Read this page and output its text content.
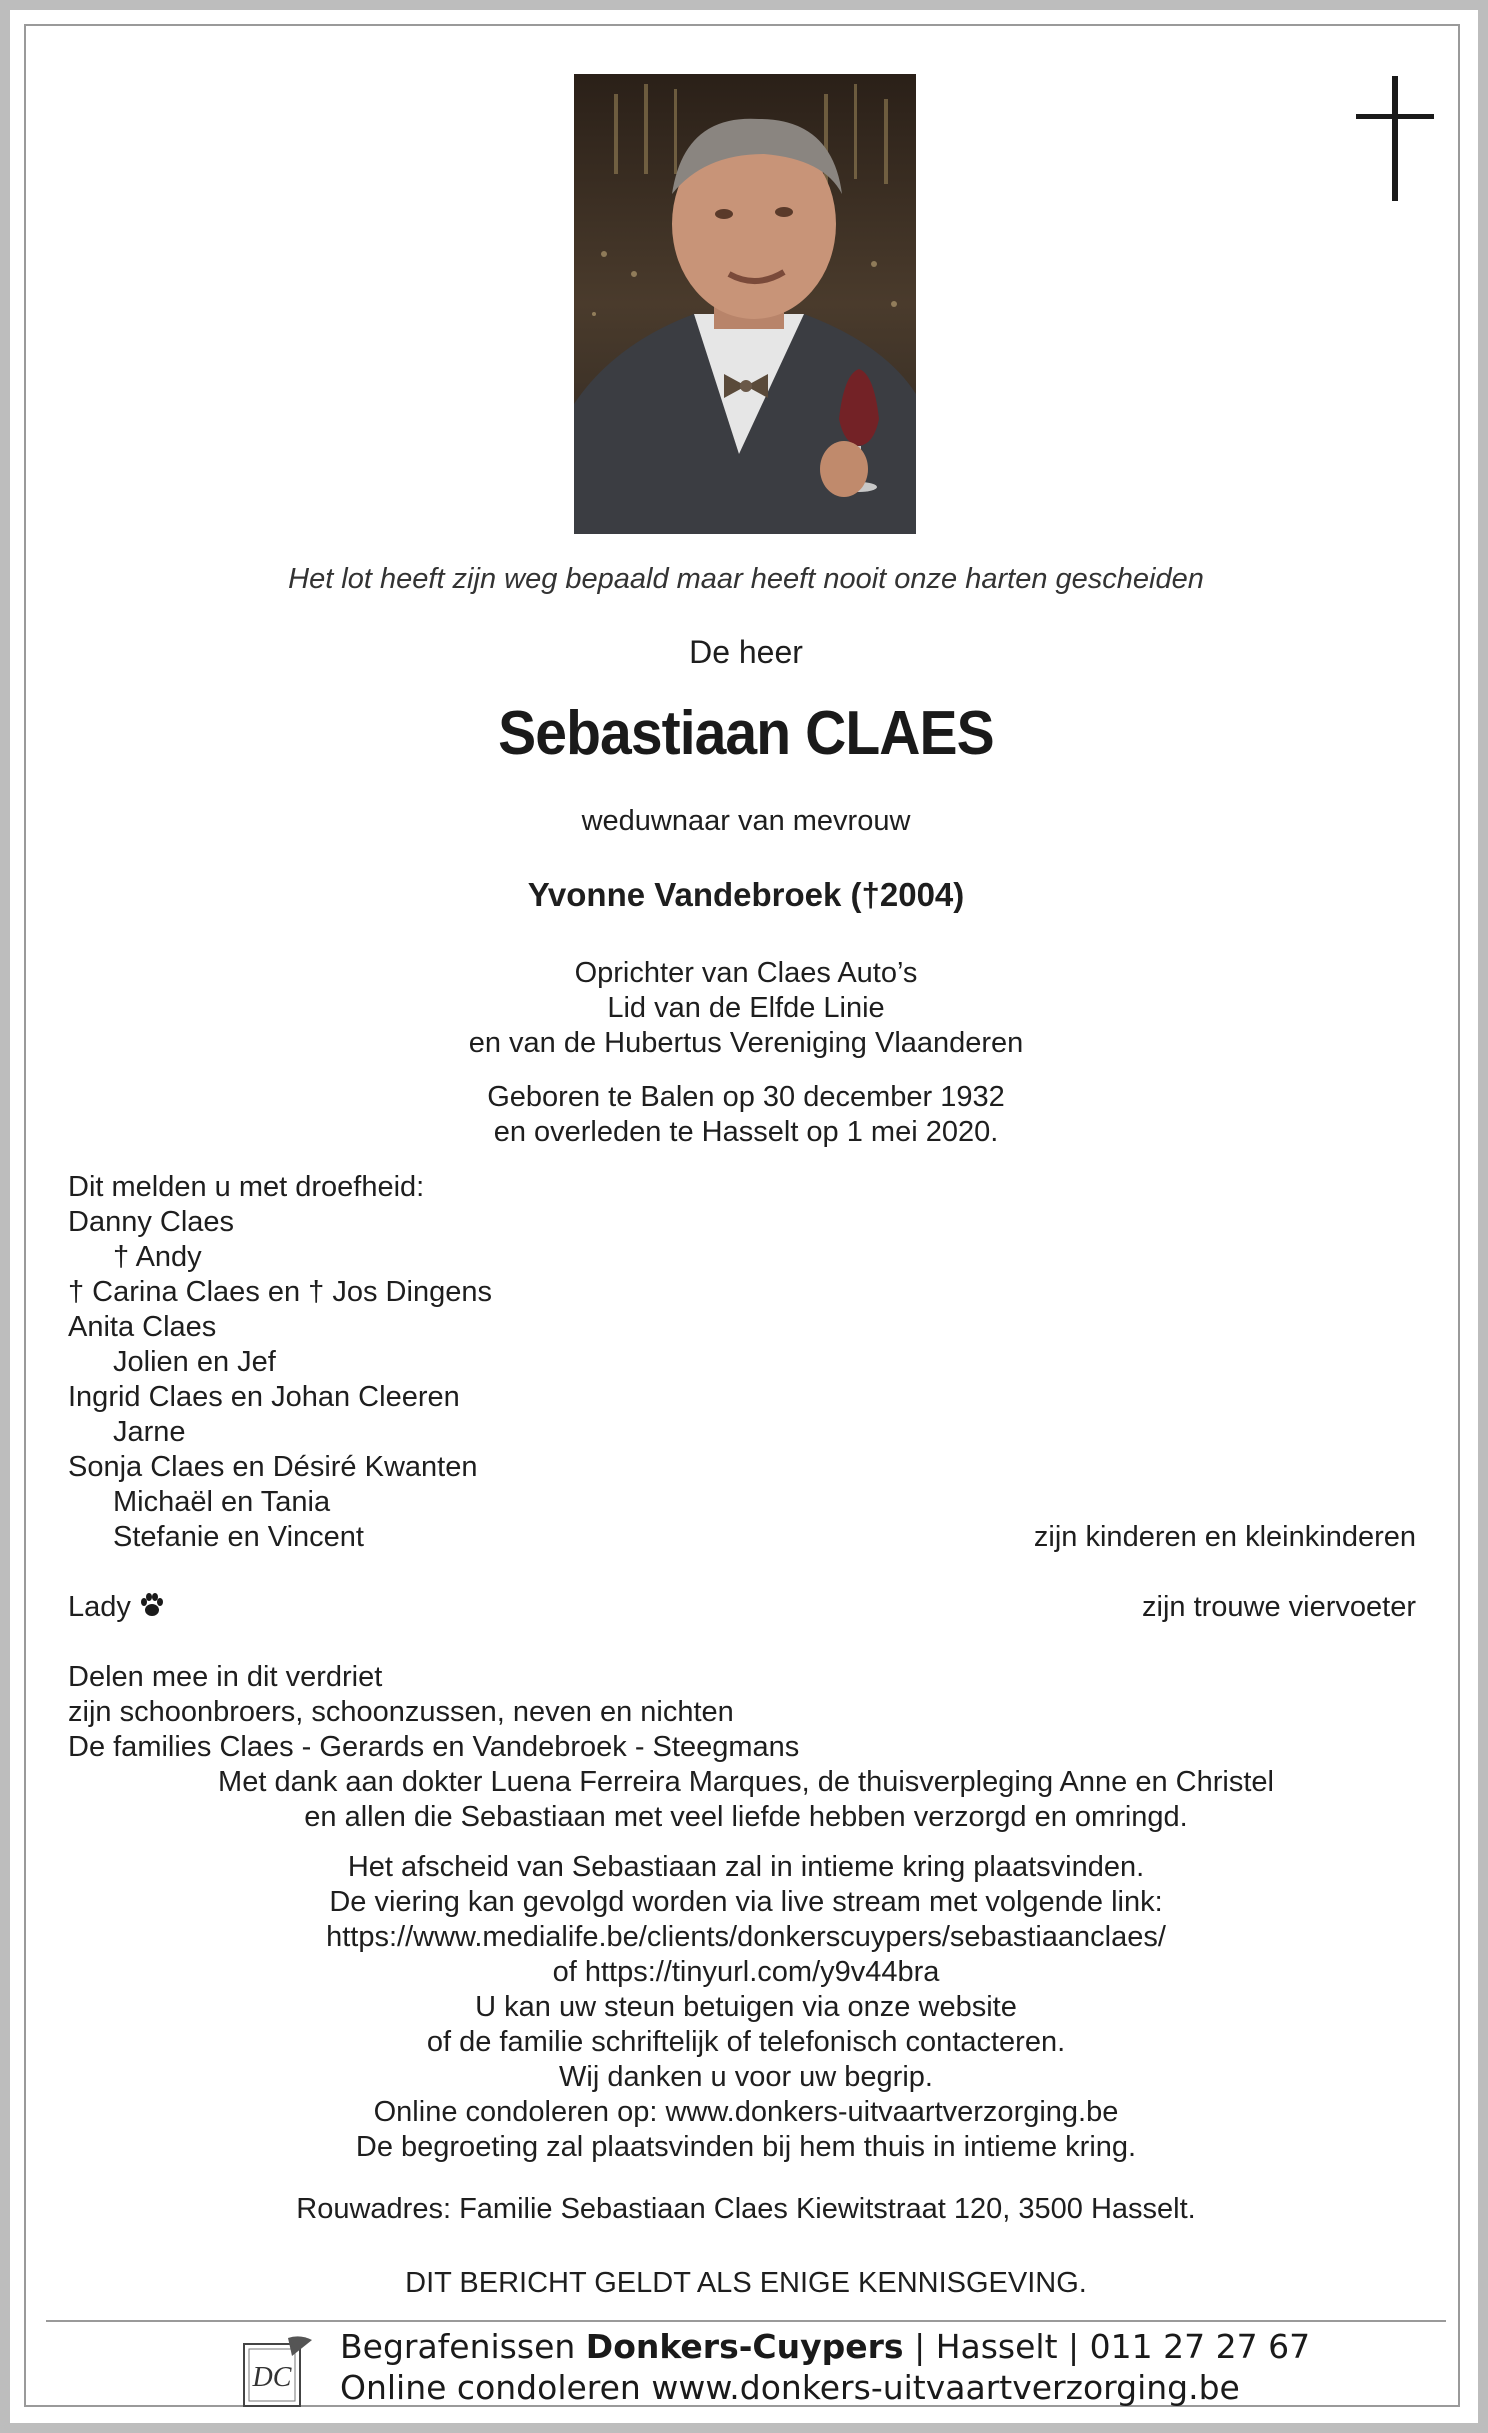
Het lot heeft zijn weg bepaald maar heeft nooit onze harten gescheiden
De heer
Sebastiaan CLAES
weduwnaar van mevrouw
Yvonne Vandebroek (†2004)
Oprichter van Claes Auto’s
Lid van de Elfde Linie
en van de Hubertus Vereniging Vlaanderen
Geboren te Balen op 30 december 1932
en overleden te Hasselt op 1 mei 2020.
Dit melden u met droefheid:
Danny Claes
† Andy
† Carina Claes en † Jos Dingens
Anita Claes
Jolien en Jef
Ingrid Claes en Johan Cleeren
Jarne
Sonja Claes en Désiré Kwanten
Michaël en Tania
Stefanie en Vincent	zijn kinderen en kleinkinderen
Lady	zijn trouwe viervoeter
Delen mee in dit verdriet
zijn schoonbroers, schoonzussen, neven en nichten
De families Claes - Gerards en Vandebroek - Steegmans
Met dank aan dokter Luena Ferreira Marques, de thuisverpleging Anne en Christel
en allen die Sebastiaan met veel liefde hebben verzorgd en omringd.
Het afscheid van Sebastiaan zal in intieme kring plaatsvinden.
De viering kan gevolgd worden via live stream met volgende link:
https://www.medialife.be/clients/donkerscuypers/sebastiaanclaes/
of https://tinyurl.com/y9v44bra
U kan uw steun betuigen via onze website
of de familie schriftelijk of telefonisch contacteren.
Wij danken u voor uw begrip.
Online condoleren op: www.donkers-uitvaartverzorging.be
De begroeting zal plaatsvinden bij hem thuis in intieme kring.
Rouwadres: Familie Sebastiaan Claes Kiewitstraat 120, 3500 Hasselt.
DIT BERICHT GELDT ALS ENIGE KENNISGEVING.
DC
Begrafenissen Donkers-Cuypers | Hasselt | 011 27 27 67
Online condoleren www.donkers-uitvaartverzorging.be
